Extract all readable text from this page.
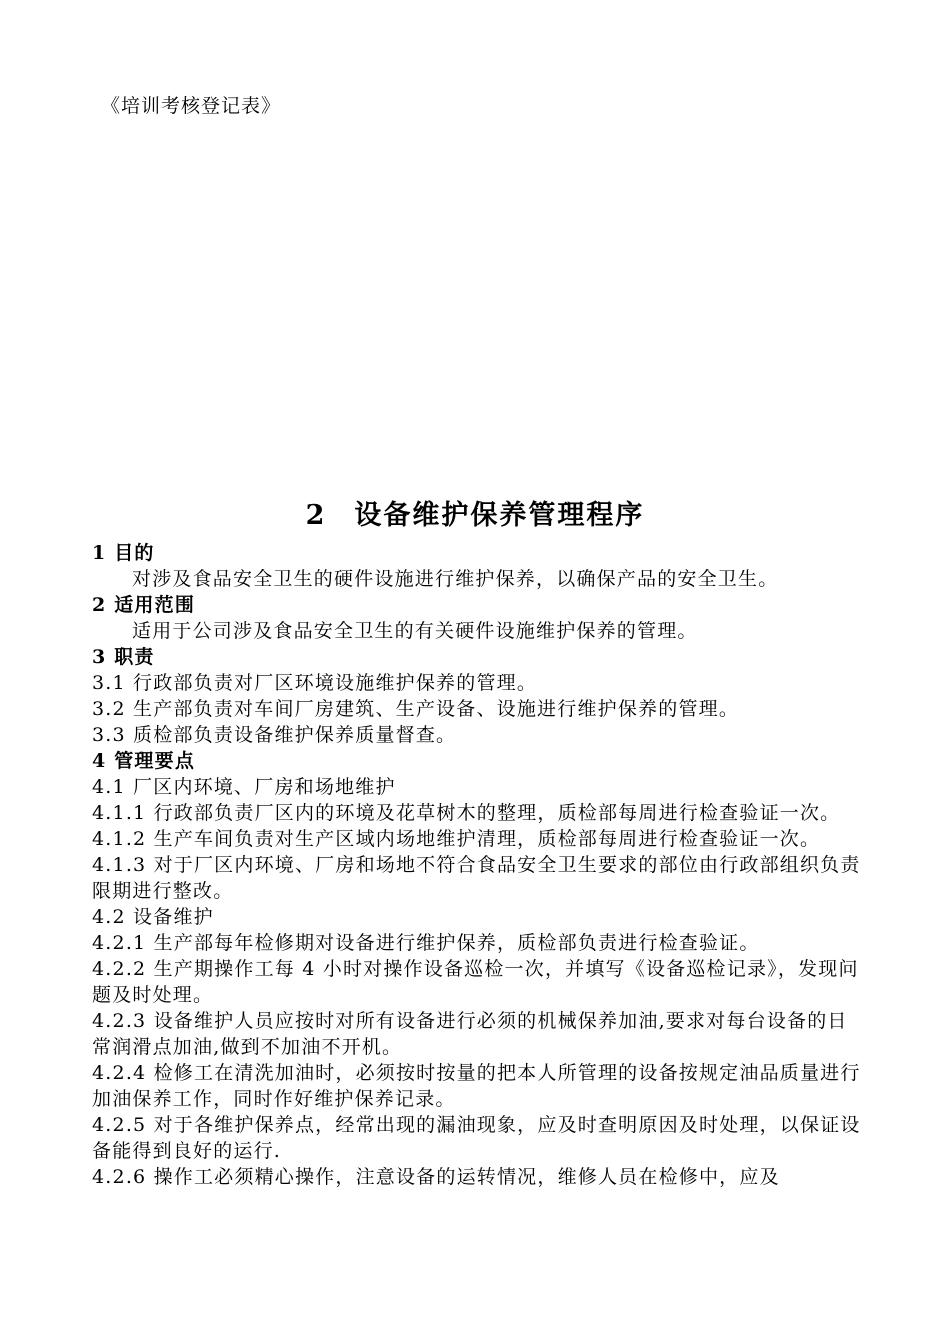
《培训考核登记表》
2 设备维护保养管理程序

1 目的

对涉及食品安全卫生的硬件设施进行维护保养，以确保产品的安全卫生。

2 适用范围

适用于公司涉及食品安全卫生的有关硬件设施维护保养的管理。

3 职责

3.1 行政部负责对厂区环境设施维护保养的管理。

3.2 生产部负责对车间厂房建筑、生产设备、设施进行维护保养的管理。

3.3 质检部负责设备维护保养质量督查。

4 管理要点

4.1 厂区内环境、厂房和场地维护

4.1.1 行政部负责厂区内的环境及花草树木的整理，质检部每周进行检查验证一次。

4.1.2 生产车间负责对生产区域内场地维护清理，质检部每周进行检查验证一次。

4.1.3 对于厂区内环境、厂房和场地不符合食品安全卫生要求的部位由行政部组织负责限期进行整改。

4.2 设备维护

4.2.1 生产部每年检修期对设备进行维护保养，质检部负责进行检查验证。

4.2.2 生产期操作工每 4 小时对操作设备巡检一次，并填写《设备巡检记录》，发现问题及时处理。

4.2.3 设备维护人员应按时对所有设备进行必须的机械保养加油,要求对每台设备的日常润滑点加油,做到不加油不开机。

4.2.4 检修工在清洗加油时，必须按时按量的把本人所管理的设备按规定油品质量进行加油保养工作，同时作好维护保养记录。

4.2.5 对于各维护保养点，经常出现的漏油现象，应及时查明原因及时处理，以保证设备能得到良好的运行.

4.2.6 操作工必须精心操作，注意设备的运转情况，维修人员在检修中，应及
